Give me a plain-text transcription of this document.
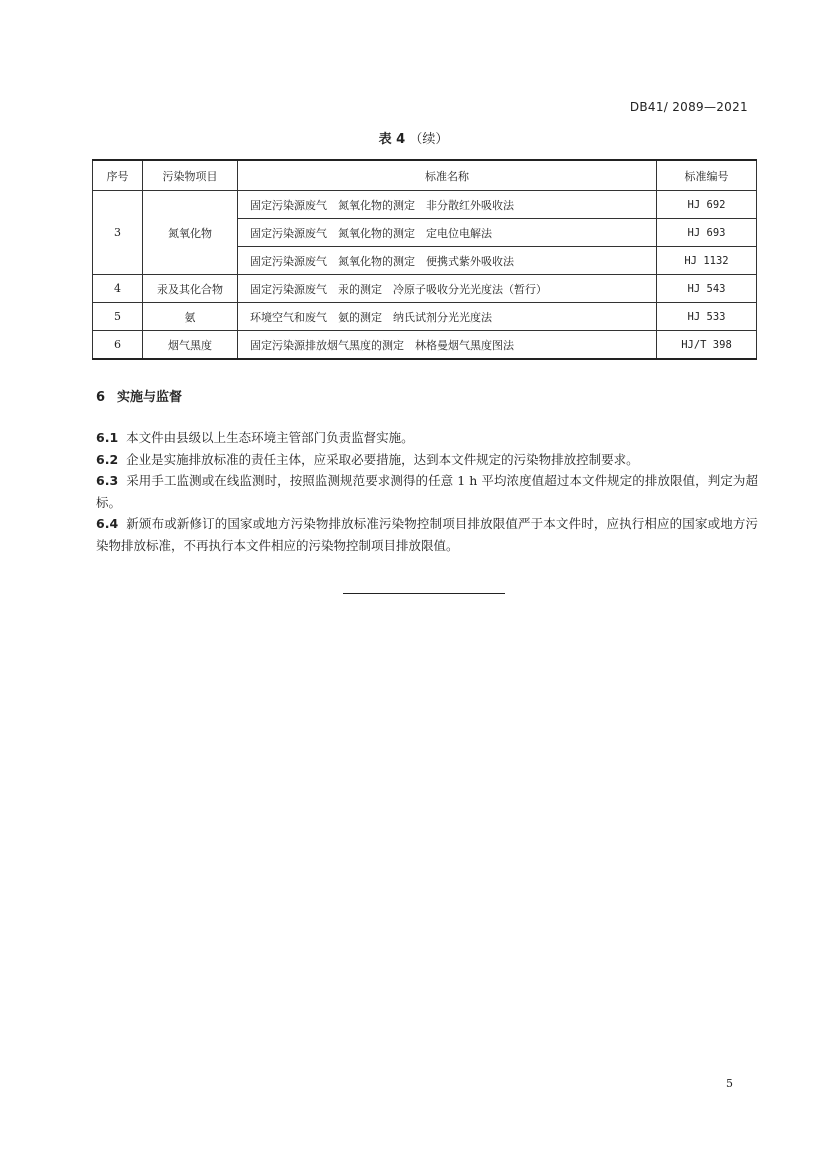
DB41/ 2089—2021
表 4 （续）
序号	污染物项目	标准名称	标准编号
3	氮氧化物	固定污染源废气　氮氧化物的测定　非分散红外吸收法	HJ 692
		固定污染源废气　氮氧化物的测定　定电位电解法	HJ 693
		固定污染源废气　氮氧化物的测定　便携式紫外吸收法	HJ 1132
4	汞及其化合物	固定污染源废气　汞的测定　冷原子吸收分光光度法（暂行）	HJ 543
5	氨	环境空气和废气　氨的测定　纳氏试剂分光光度法	HJ 533
6	烟气黑度	固定污染源排放烟气黑度的测定　林格曼烟气黑度图法	HJ/T 398
6 实施与监督

6.1 本文件由县级以上生态环境主管部门负责监督实施。

6.2 企业是实施排放标准的责任主体，应采取必要措施，达到本文件规定的污染物排放控制要求。

6.3 采用手工监测或在线监测时，按照监测规范要求测得的任意 1 h 平均浓度值超过本文件规定的排放限值，判定为超标。

6.4 新颁布或新修订的国家或地方污染物排放标准污染物控制项目排放限值严于本文件时，应执行相应的国家或地方污染物排放标准，不再执行本文件相应的污染物控制项目排放限值。

5
